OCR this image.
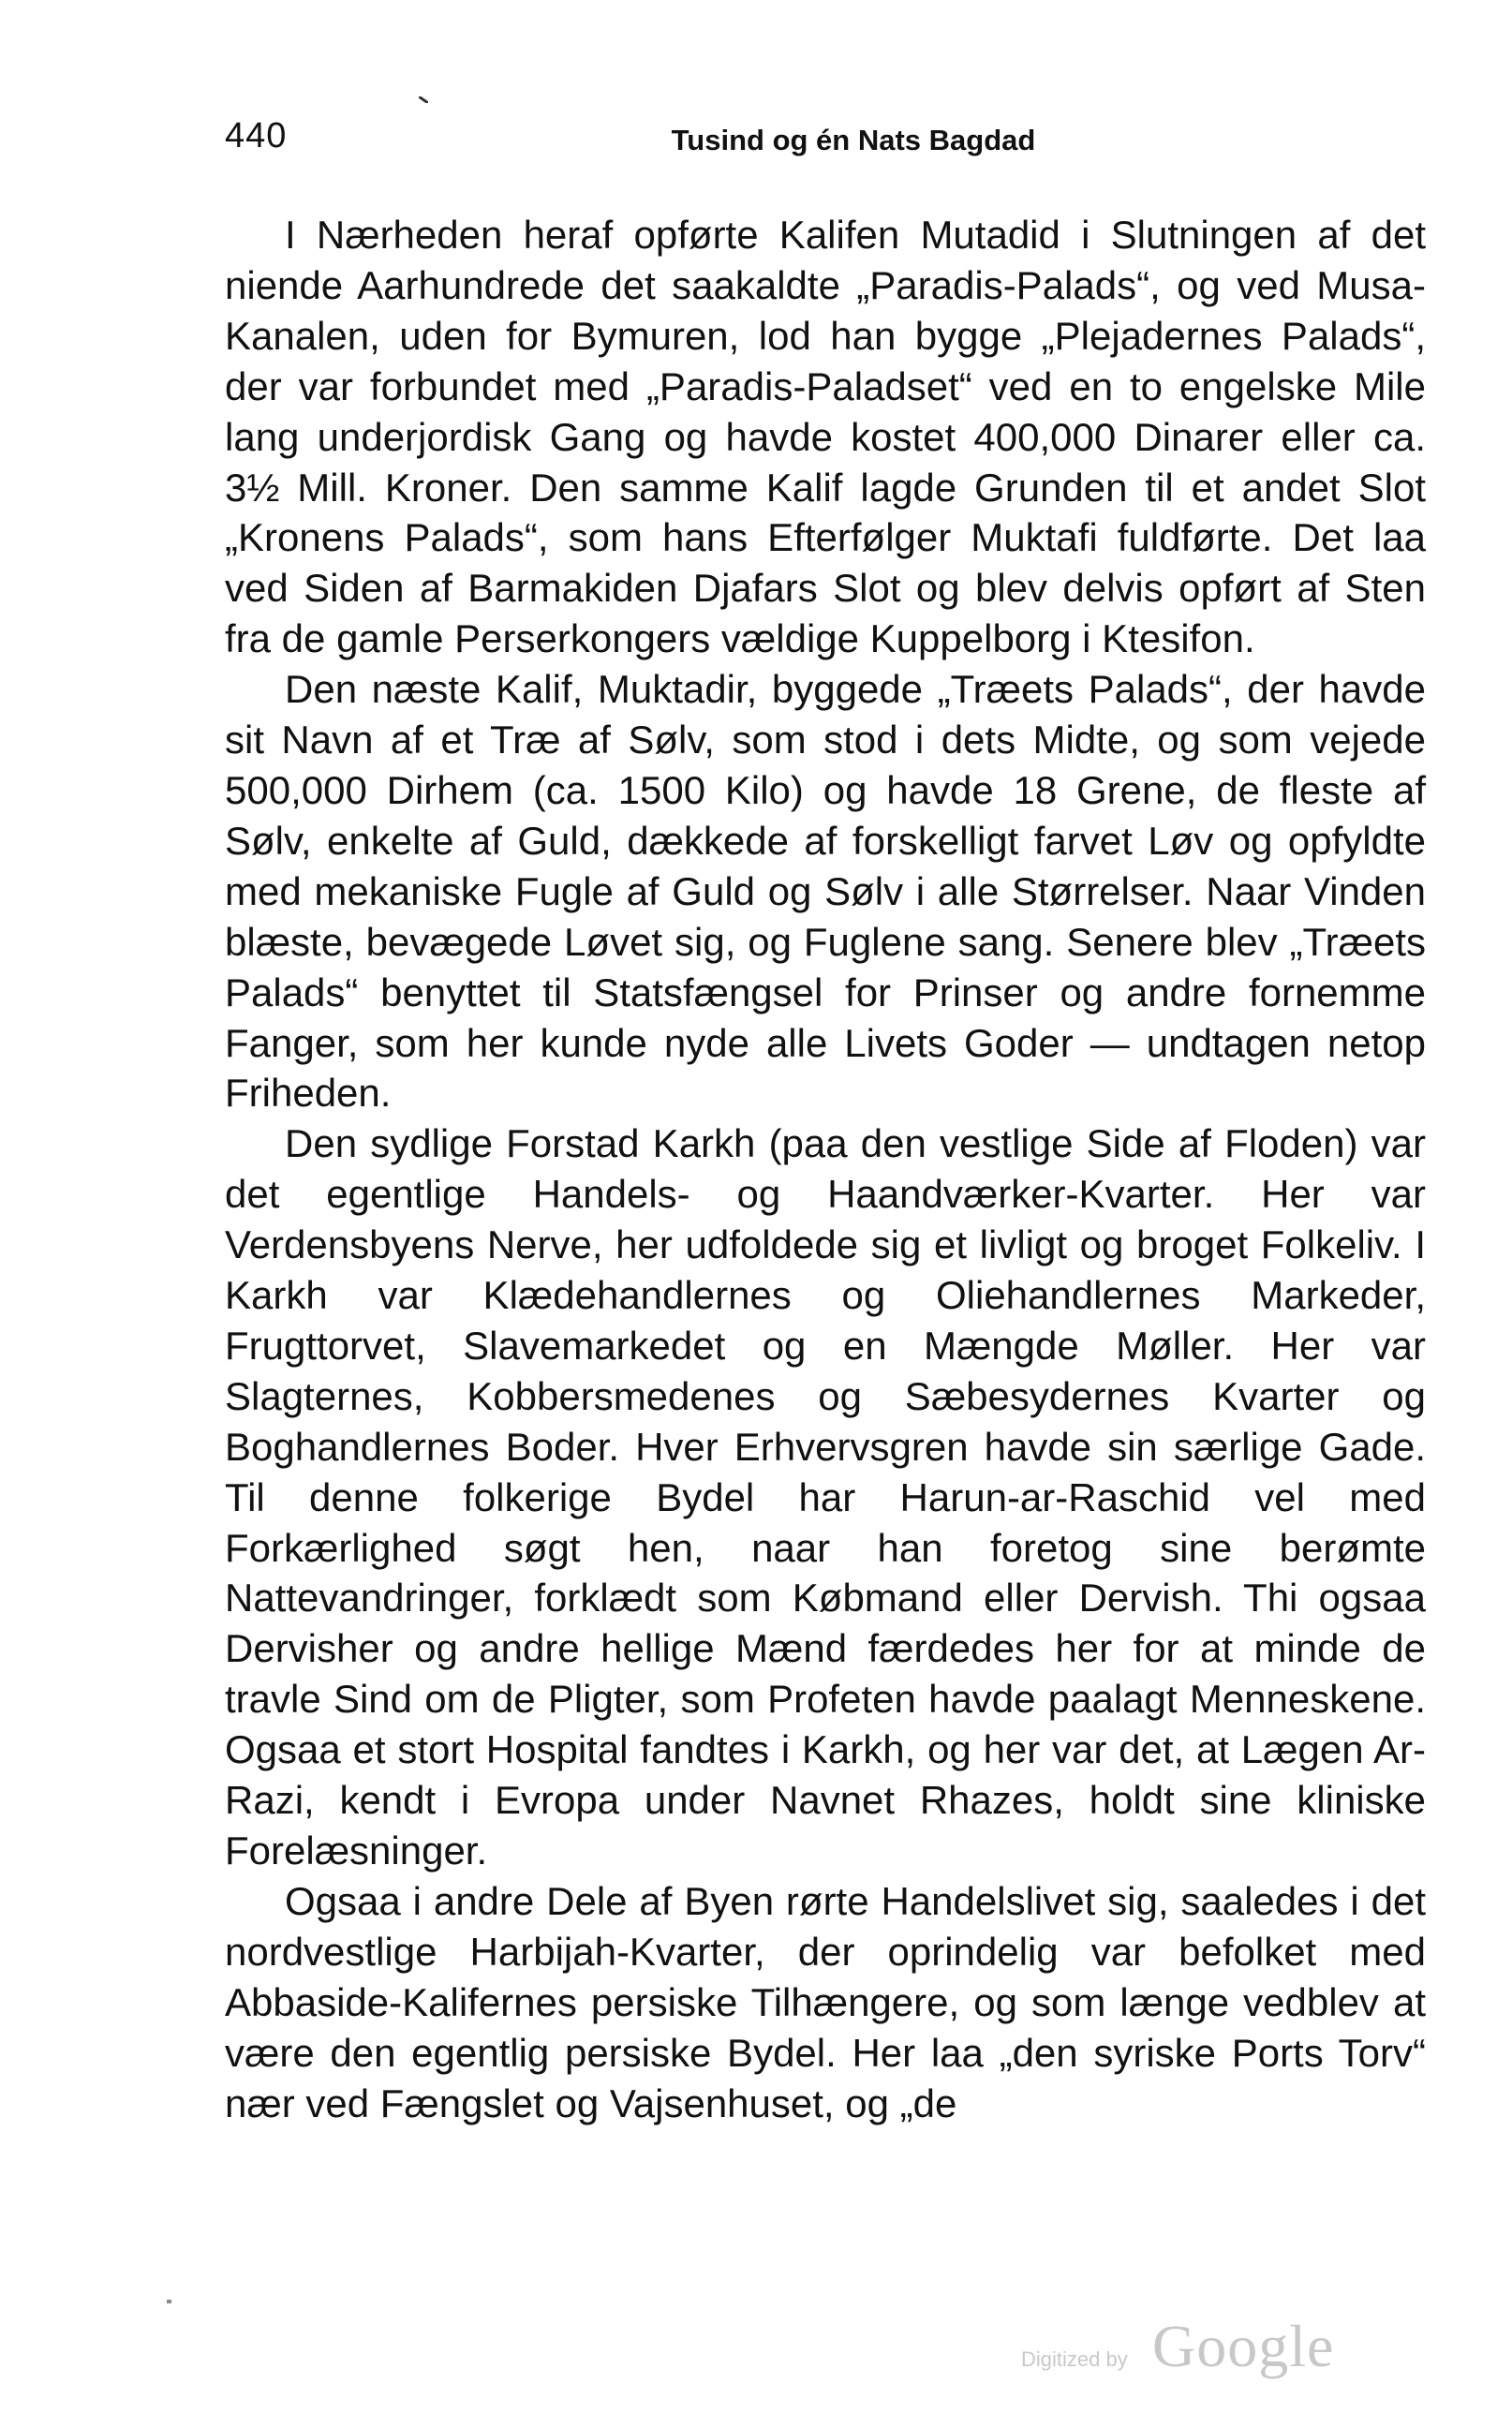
440	Tusind og én Nats Bagdad

I Nærheden heraf opførte Kalifen Mutadid i Slutningen af det niende Aarhundrede det saakaldte „Paradis-Palads“, og ved Musa-Kanalen, uden for Bymuren, lod han bygge „Plejadernes Palads“, der var forbundet med „Paradis-Paladset“ ved en to engelske Mile lang underjordisk Gang og havde kostet 400,000 Dinarer eller ca. 3½ Mill. Kroner. Den samme Kalif lagde Grunden til et andet Slot „Kronens Palads“, som hans Efterfølger Muktafi fuldførte. Det laa ved Siden af Barmakiden Djafars Slot og blev delvis opført af Sten fra de gamle Perserkongers vældige Kuppelborg i Ktesifon.

Den næste Kalif, Muktadir, byggede „Træets Palads“, der havde sit Navn af et Træ af Sølv, som stod i dets Midte, og som vejede 500,000 Dirhem (ca. 1500 Kilo) og havde 18 Grene, de fleste af Sølv, enkelte af Guld, dækkede af forskelligt farvet Løv og opfyldte med mekaniske Fugle af Guld og Sølv i alle Størrelser. Naar Vinden blæste, bevægede Løvet sig, og Fuglene sang. Senere blev „Træets Palads“ benyttet til Statsfængsel for Prinser og andre fornemme Fanger, som her kunde nyde alle Livets Goder — undtagen netop Friheden.

Den sydlige Forstad Karkh (paa den vestlige Side af Floden) var det egentlige Handels- og Haandværker-Kvarter. Her var Verdensbyens Nerve, her udfoldede sig et livligt og broget Folkeliv. I Karkh var Klædehandlernes og Oliehandlernes Markeder, Frugttorvet, Slavemarkedet og en Mængde Møller. Her var Slagternes, Kobbersmedenes og Sæbesydernes Kvarter og Boghandlernes Boder. Hver Erhvervsgren havde sin særlige Gade. Til denne folkerige Bydel har Harun-ar-Raschid vel med Forkærlighed søgt hen, naar han foretog sine berømte Nattevandringer, forklædt som Købmand eller Dervish. Thi ogsaa Dervisher og andre hellige Mænd færdedes her for at minde de travle Sind om de Pligter, som Profeten havde paalagt Menneskene. Ogsaa et stort Hospital fandtes i Karkh, og her var det, at Lægen Ar-Razi, kendt i Evropa under Navnet Rhazes, holdt sine kliniske Forelæsninger.

Ogsaa i andre Dele af Byen rørte Handelslivet sig, saaledes i det nordvestlige Harbijah-Kvarter, der oprindelig var befolket med Abbaside-Kalifernes persiske Tilhængere, og som længe vedblev at være den egentlig persiske Bydel. Her laa „den syriske Ports Torv“ nær ved Fængslet og Vajsenhuset, og „de

Digitized by Google
